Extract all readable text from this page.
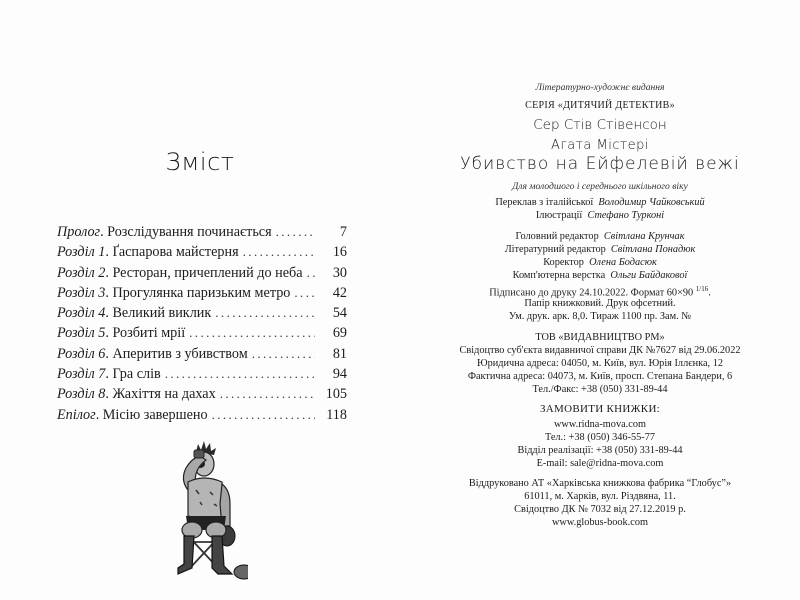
Зміст
Пролог . Розслідування починається .....	7
Розділ 1 . Ґаспарова майстерня .....	16
Розділ 2 . Ресторан, причеплений до неба .....	30
Розділ 3 . Прогулянка паризьким метро .....	42
Розділ 4 . Великий виклик .....	54
Розділ 5 . Розбиті мрії .....	69
Розділ 6 . Аперитив з убивством .....	81
Розділ 7 . Гра слів .....	94
Розділ 8 . Жахіття на дахах .....	105
Епілог . Місію завершено .....	118
Літературно-художнє видання
СЕРІЯ «ДИТЯЧИЙ ДЕТЕКТИВ»
Сер Стів Стівенсон
Агата Містері
Убивство на Ейфелевій вежі
Для молодшого і середнього шкільного віку
Переклав з італійської Володимир Чайковський
Ілюстрації Стефано Турконі
Головний редактор Світлана Крунчак
Літературний редактор Світлана Понадюк
Коректор Олена Бодасюк
Комп'ютерна верстка Ольги Байдакової
Підписано до друку 24.10.2022. Формат 60×90 $^{1/16}$.
Папір книжковий. Друк офсетний.
Ум. друк. арк. 8,0. Тираж 1100 пр. Зам. №
ТОВ «ВИДАВНИЦТВО РМ»
Свідоцтво суб'єкта видавничої справи ДК №7627 від 29.06.2022
Юридична адреса: 04050, м. Київ, вул. Юрія Іллєнка, 12
Фактична адреса: 04073, м. Київ, просп. Степана Бандери, 6
Тел./Факс: +38 (050) 331-89-44
ЗАМОВИТИ КНИЖКИ:
www.ridna-mova.com
Тел.: +38 (050) 346-55-77
Відділ реалізації: +38 (050) 331-89-44
E-mail: sale@ridna-mova.com
Віддруковано АТ «Харківська книжкова фабрика “Глобус”»
61011, м. Харків, вул. Різдвяна, 11.
Свідоцтво ДК № 7032 від 27.12.2019 р.
www.globus-book.com
